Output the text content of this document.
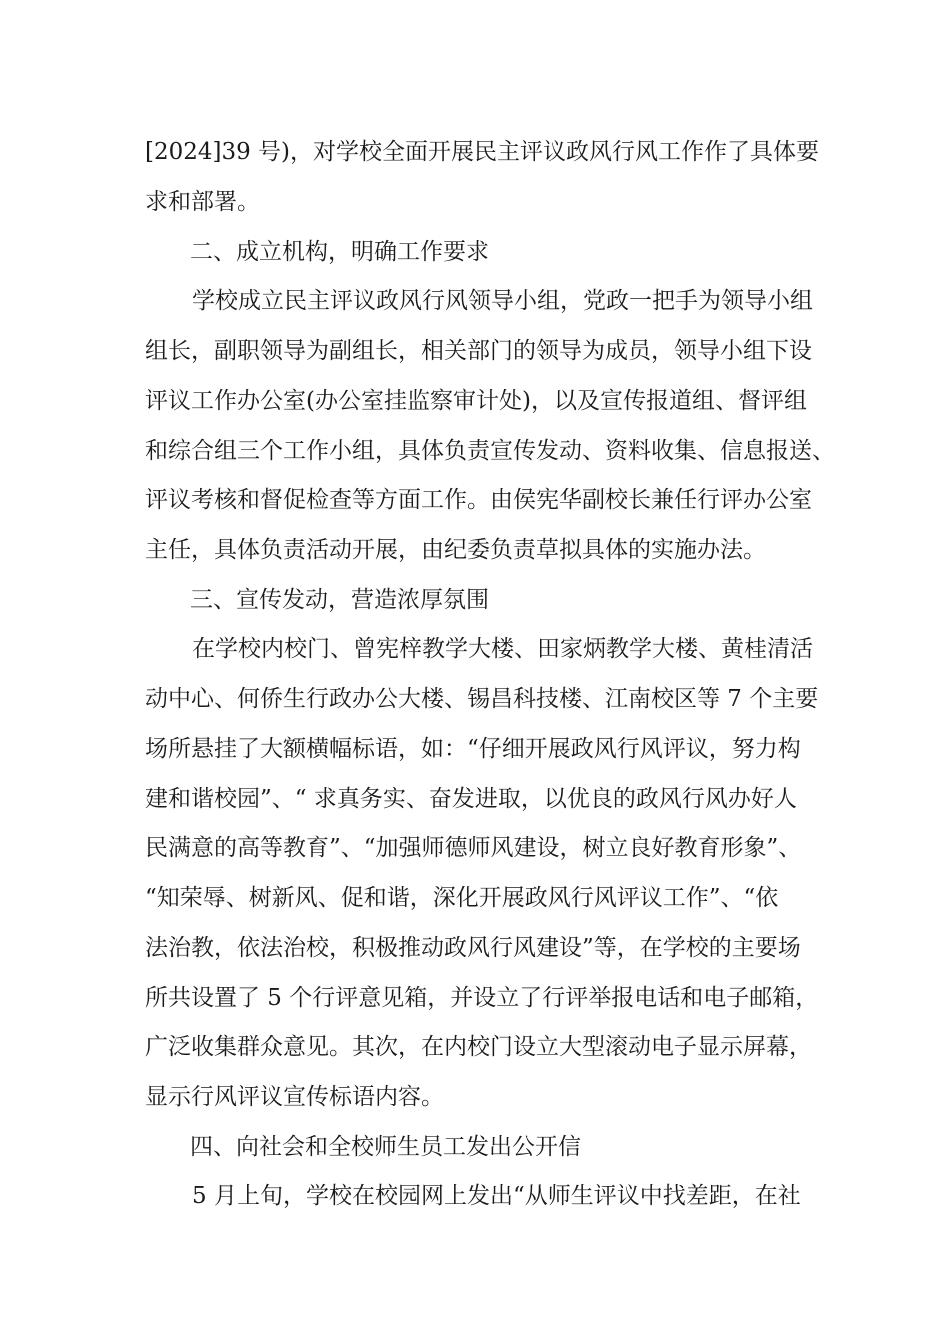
[2024]39 号)，对学校全面开展民主评议政风行风工作作了具体要
求和部署。
二、成立机构，明确工作要求
学校成立民主评议政风行风领导小组，党政一把手为领导小组
组长，副职领导为副组长，相关部门的领导为成员，领导小组下设
评议工作办公室(办公室挂监察审计处)，以及宣传报道组、督评组
和综合组三个工作小组，具体负责宣传发动、资料收集、信息报送、
评议考核和督促检查等方面工作。由侯宪华副校长兼任行评办公室
主任，具体负责活动开展，由纪委负责草拟具体的实施办法。
三、宣传发动，营造浓厚氛围
在学校内校门、曾宪梓教学大楼、田家炳教学大楼、黄桂清活
动中心、何侨生行政办公大楼、锡昌科技楼、江南校区等 7 个主要
场所悬挂了大额横幅标语，如：“仔细开展政风行风评议，努力构
建和谐校园”、“ 求真务实、奋发进取，以优良的政风行风办好人
民满意的高等教育”、“加强师德师风建设，树立良好教育形象”、
“知荣辱、树新风、促和谐，深化开展政风行风评议工作”、“依
法治教，依法治校，积极推动政风行风建设”等，在学校的主要场
所共设置了 5 个行评意见箱，并设立了行评举报电话和电子邮箱，
广泛收集群众意见。其次，在内校门设立大型滚动电子显示屏幕，
显示行风评议宣传标语内容。
四、向社会和全校师生员工发出公开信
5 月上旬，学校在校园网上发出“从师生评议中找差距，在社
